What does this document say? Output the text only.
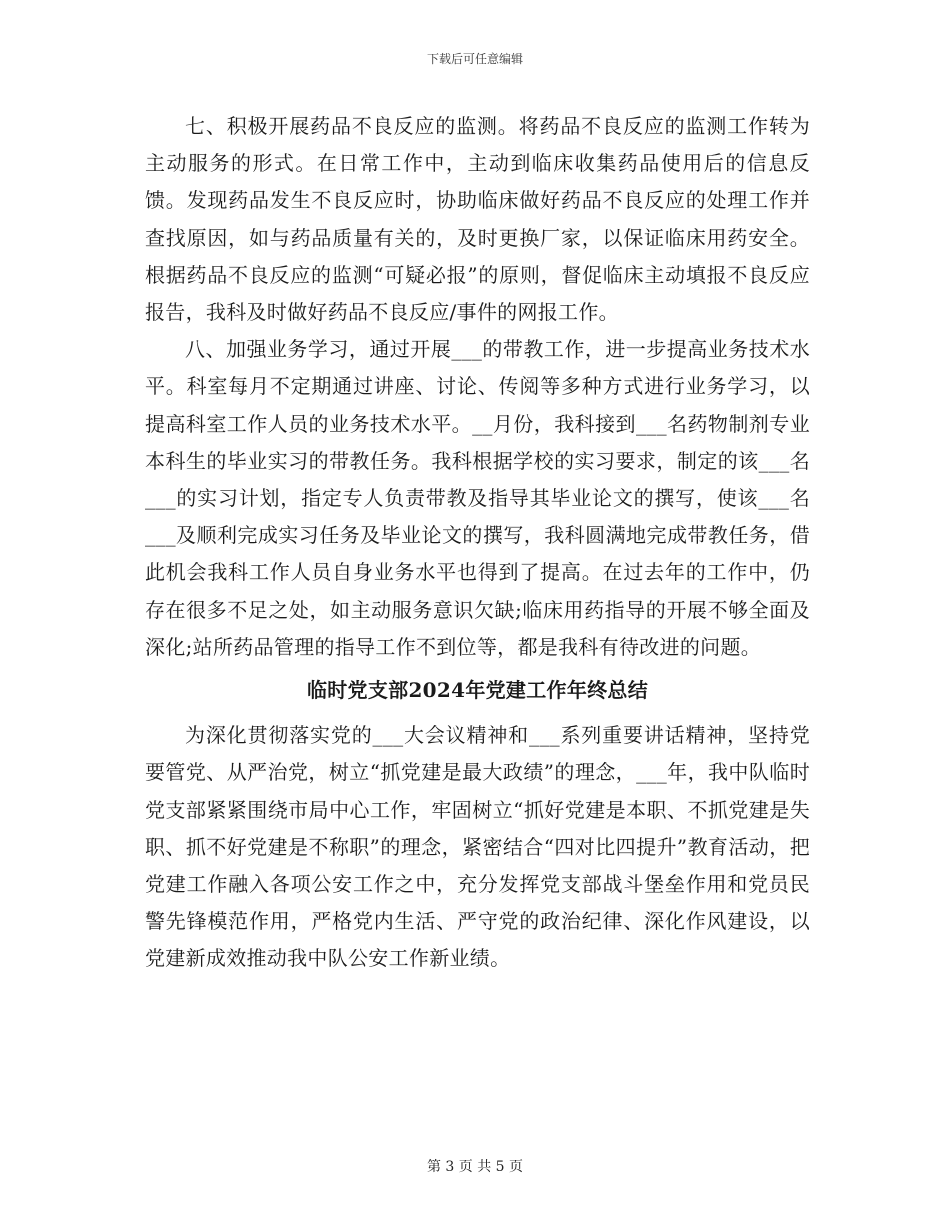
下载后可任意编辑

七、积极开展药品不良反应的监测。将药品不良反应的监测工作转为主动服务的形式。在日常工作中，主动到临床收集药品使用后的信息反馈。发现药品发生不良反应时，协助临床做好药品不良反应的处理工作并查找原因，如与药品质量有关的，及时更换厂家，以保证临床用药安全。根据药品不良反应的监测“可疑必报”的原则，督促临床主动填报不良反应报告，我科及时做好药品不良反应/事件的网报工作。

八、加强业务学习，通过开展___的带教工作，进一步提高业务技术水平。科室每月不定期通过讲座、讨论、传阅等多种方式进行业务学习，以提高科室工作人员的业务技术水平。__月份，我科接到___名药物制剂专业本科生的毕业实习的带教任务。我科根据学校的实习要求，制定的该___名___的实习计划，指定专人负责带教及指导其毕业论文的撰写，使该___名___及顺利完成实习任务及毕业论文的撰写，我科圆满地完成带教任务，借此机会我科工作人员自身业务水平也得到了提高。在过去年的工作中，仍存在很多不足之处，如主动服务意识欠缺;临床用药指导的开展不够全面及深化;站所药品管理的指导工作不到位等，都是我科有待改进的问题。

临时党支部2024年党建工作年终总结

为深化贯彻落实党的___大会议精神和___系列重要讲话精神，坚持党要管党、从严治党，树立“抓党建是最大政绩”的理念，___年，我中队临时党支部紧紧围绕市局中心工作，牢固树立“抓好党建是本职、不抓党建是失职、抓不好党建是不称职”的理念，紧密结合“四对比四提升”教育活动，把党建工作融入各项公安工作之中，充分发挥党支部战斗堡垒作用和党员民警先锋模范作用，严格党内生活、严守党的政治纪律、深化作风建设，以党建新成效推动我中队公安工作新业绩。

第 3 页 共 5 页
